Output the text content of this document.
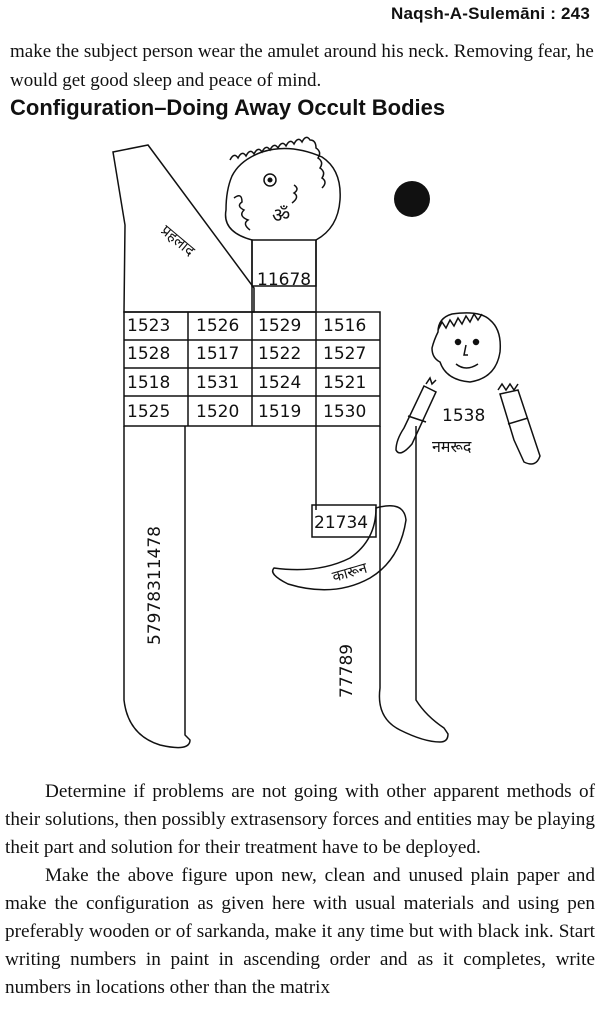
Naqsh-A-Sulemāni : 243
make the subject person wear the amulet around his neck. Removing fear, he would get good sleep and peace of mind.
Configuration–Doing Away Occult Bodies
11678
1523 1526 1529 1516
1528 1517 1522 1527
1518 1531 1524 1521
1525 1520 1519 1530
21734
1538
57978311478
77789
प्रहलाद
ॐ
कारून
नमरूद

Determine if problems are not going with other apparent methods of their solutions, then possibly extrasensory forces and entities may be playing theit part and solution for their treatment have to be deployed.

Make the above figure upon new, clean and unused plain paper and make the configuration as given here with usual materials and using pen preferably wooden or of sarkanda, make it any time but with black ink. Start writing numbers in paint in ascending order and as it completes, write numbers in locations other than the matrix
